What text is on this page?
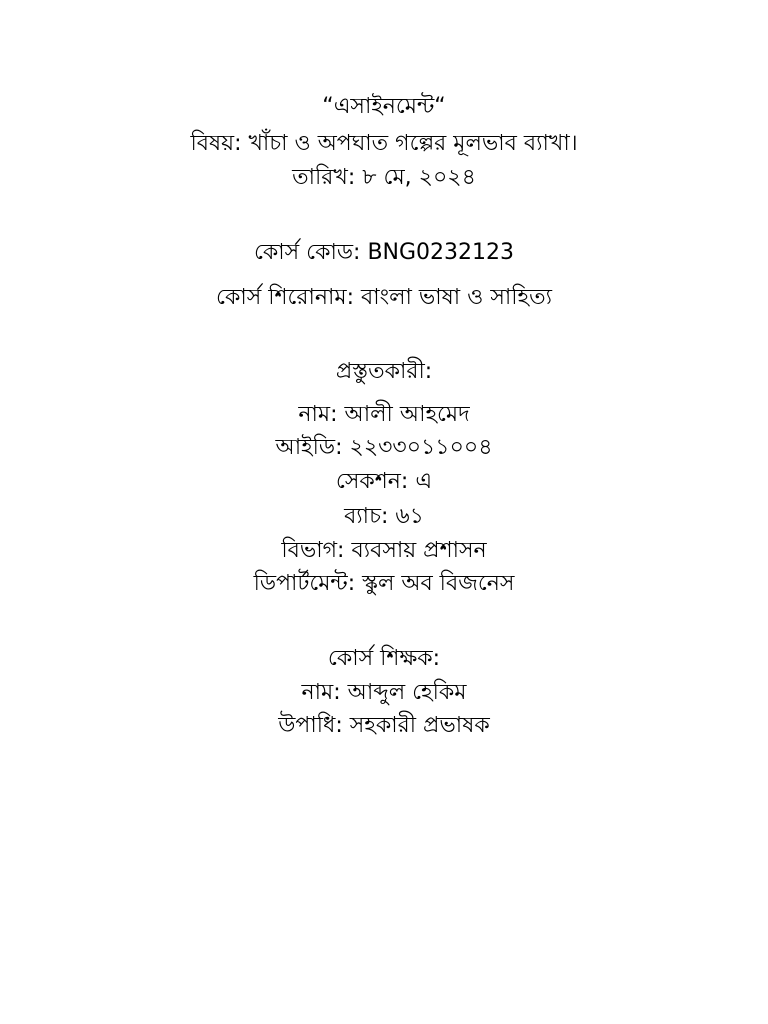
“এসাইনমেন্ট“
বিষয়: খাঁচা ও অপঘাত গল্পের মূলভাব ব্যাখা।
তারিখ: ৮ মে, ২০২৪
কোর্স কোড: BNG0232123
কোর্স শিরোনাম: বাংলা ভাষা ও সাহিত্য
প্রস্তুতকারী:
নাম: আলী আহমেদ
আইডি: ২২৩৩০১১০০৪
সেকশন: এ
ব্যাচ: ৬১
বিভাগ: ব্যবসায় প্রশাসন
ডিপার্টমেন্ট: স্কুল অব বিজনেস
কোর্স শিক্ষক:
নাম: আব্দুল হেকিম
উপাধি: সহকারী প্রভাষক
